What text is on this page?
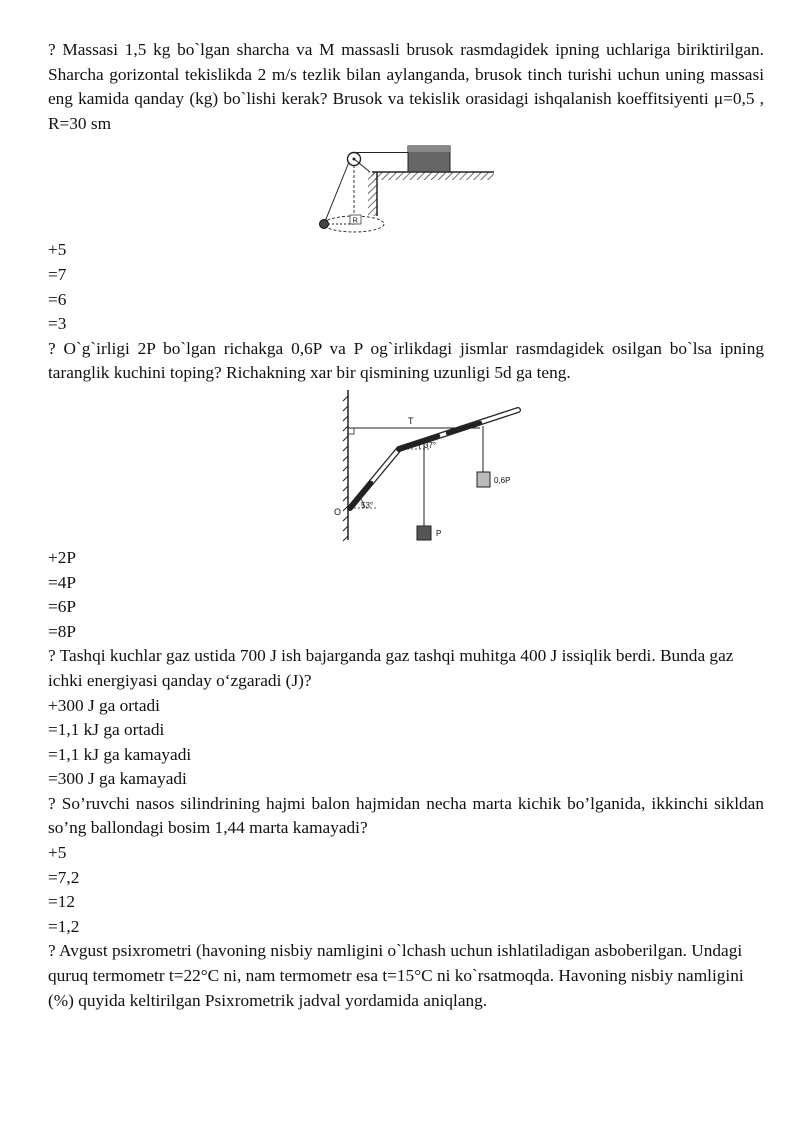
? Massasi 1,5 kg bo`lgan sharcha va M massasli brusok rasmdagidek ipning uchlariga biriktirilgan. Sharcha gorizontal tekislikda 2 m/s tezlik bilan aylanganda, brusok tinch turishi uchun uning massasi eng kamida qanday (kg) bo`lishi kerak? Brusok va tekislik orasidagi ishqalanish koeffitsiyenti μ=0,5 , R=30 sm

R

+5

=7

=6

=3

? O`g`irligi 2P bo`lgan richakga 0,6P va P og`irlikdagi jismlar rasmdagidek osilgan bo`lsa ipning taranglik kuchini toping? Richakning xar bir qismining uzunligi 5d ga teng.

T
37°
53°
O
0,6P
P

+2P

=4P

=6P

=8P

? Tashqi kuchlar gaz ustida 700 J ish bajarganda gaz tashqi muhitga 400 J issiqlik berdi. Bunda gaz ichki energiyasi qanday o‘zgaradi (J)?

+300 J ga ortadi

=1,1 kJ ga ortadi

=1,1 kJ ga kamayadi

=300 J ga kamayadi

? So’ruvchi nasos silindrining hajmi balon hajmidan necha marta kichik bo’lganida, ikkinchi sikldan so’ng ballondagi bosim 1,44 marta kamayadi?

+5

=7,2

=12

=1,2

? Avgust psixrometri (havoning nisbiy namligini o`lchash uchun ishlatiladigan asboberilgan. Undagi quruq termometr t=22°C ni, nam termometr esa t=15°C ni ko`rsatmoqda. Havoning nisbiy namligini (%) quyida keltirilgan Psixrometrik jadval yordamida aniqlang.
